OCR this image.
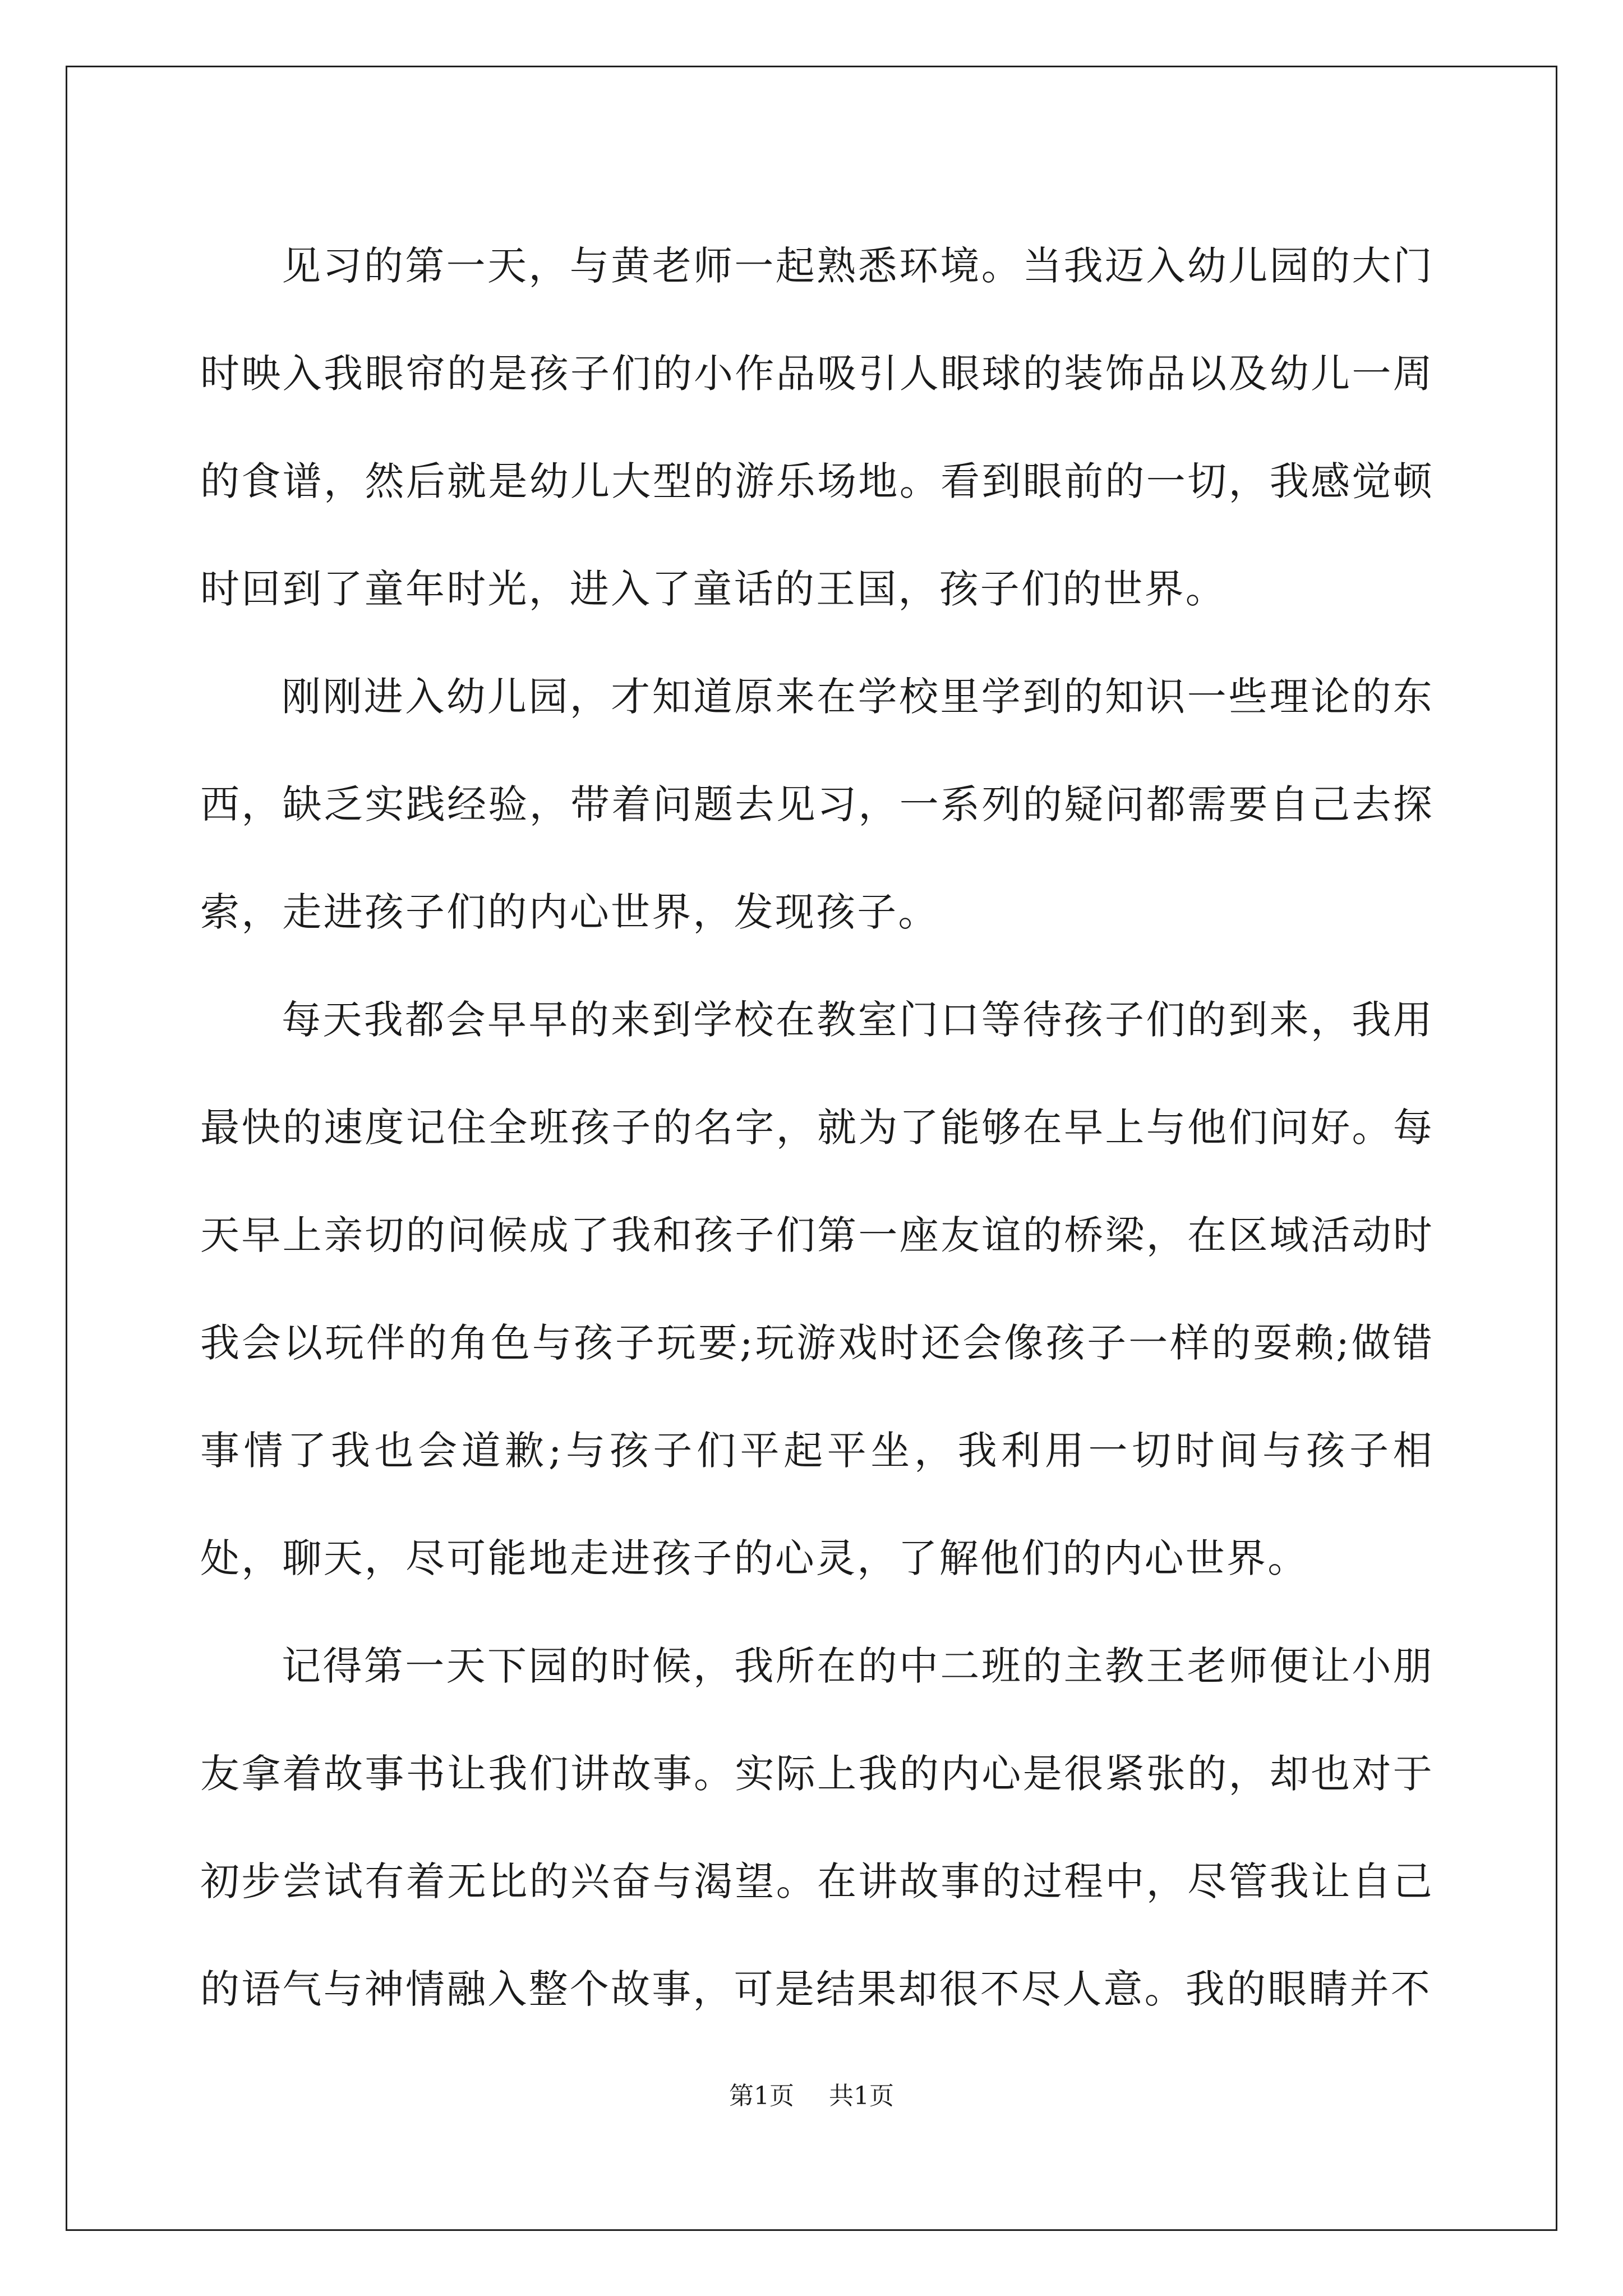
见习的第一天，与黄老师一起熟悉环境。当我迈入幼儿园的大门时映入我眼帘的是孩子们的小作品吸引人眼球的装饰品以及幼儿一周的食谱，然后就是幼儿大型的游乐场地。看到眼前的一切，我感觉顿时回到了童年时光，进入了童话的王国，孩子们的世界。

刚刚进入幼儿园，才知道原来在学校里学到的知识一些理论的东西，缺乏实践经验，带着问题去见习，一系列的疑问都需要自己去探索，走进孩子们的内心世界，发现孩子。

每天我都会早早的来到学校在教室门口等待孩子们的到来，我用最快的速度记住全班孩子的名字，就为了能够在早上与他们问好。每天早上亲切的问候成了我和孩子们第一座友谊的桥梁，在区域活动时我会以玩伴的角色与孩子玩要;玩游戏时还会像孩子一样的耍赖;做错事情了我也会道歉;与孩子们平起平坐，我利用一切时间与孩子相处，聊天，尽可能地走进孩子的心灵，了解他们的内心世界。

记得第一天下园的时候，我所在的中二班的主教王老师便让小朋友拿着故事书让我们讲故事。实际上我的内心是很紧张的，却也对于初步尝试有着无比的兴奋与渴望。在讲故事的过程中，尽管我让自己的语气与神情融入整个故事，可是结果却很不尽人意。我的眼睛并不

第1页 共1页
